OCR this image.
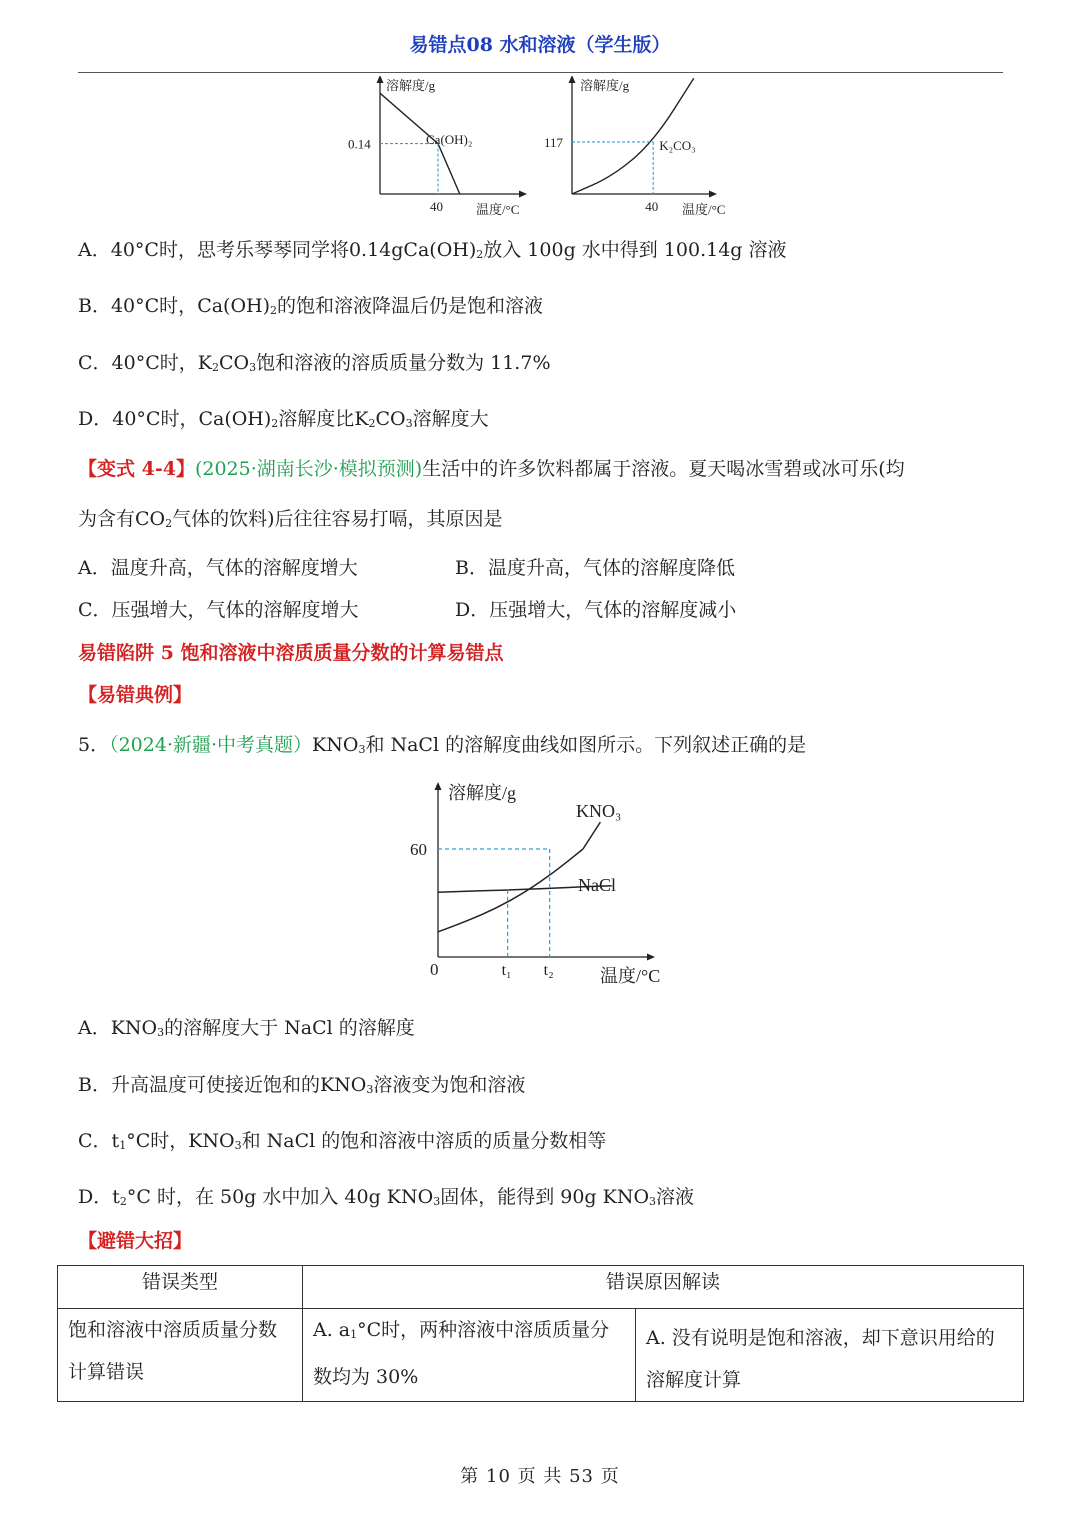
易错点08 水和溶液（学生版）
溶解度/g
温度/°C
0.14
40
Ca(OH)₂
溶解度/g
温度/°C
117
40
K₂CO₃
A．40°C时，思考乐琴琴同学将$0.14gCa(OH)_2$放入 100g 水中得到 100.14g 溶液
B．40°C时，$Ca(OH)_2$的饱和溶液降温后仍是饱和溶液
C．40°C时，$K_2CO_3$饱和溶液的溶质质量分数为 11.7%
D．40°C时，$Ca(OH)_2$溶解度比$K_2CO_3$溶解度大
【变式 4-4】(2025·湖南长沙·模拟预测)生活中的许多饮料都属于溶液。夏天喝冰雪碧或冰可乐(均
为含有$CO_2$气体的饮料)后往往容易打嗝，其原因是
A．温度升高，气体的溶解度增大	B．温度升高，气体的溶解度降低
C．压强增大，气体的溶解度增大	D．压强增大，气体的溶解度减小
易错陷阱 5 饱和溶液中溶质质量分数的计算易错点
【易错典例】
5．（2024·新疆·中考真题）$KNO_3$和 NaCl 的溶解度曲线如图所示。下列叙述正确的是
溶解度/g
温度/°C
0
60
t₁ t₂
KNO₃
NaCl
A．$KNO_3$的溶解度大于 NaCl 的溶解度
B．升高温度可使接近饱和的$KNO_3$溶液变为饱和溶液
C．$t_1^\circ C$时，$KNO_3$和 NaCl 的饱和溶液中溶质的质量分数相等
D．$t_2^\circ C$ 时，在 50g 水中加入 40g $KNO_3$固体，能得到 90g $KNO_3$溶液
【避错大招】
错误类型	错误原因解读	
饱和溶液中溶质质量分数计算错误	A. $a_1^\circ C$时，两种溶液中溶质质量分数均为 30%	A. 没有说明是饱和溶液，却下意识用给的溶解度计算
第 10 页 共 53 页
